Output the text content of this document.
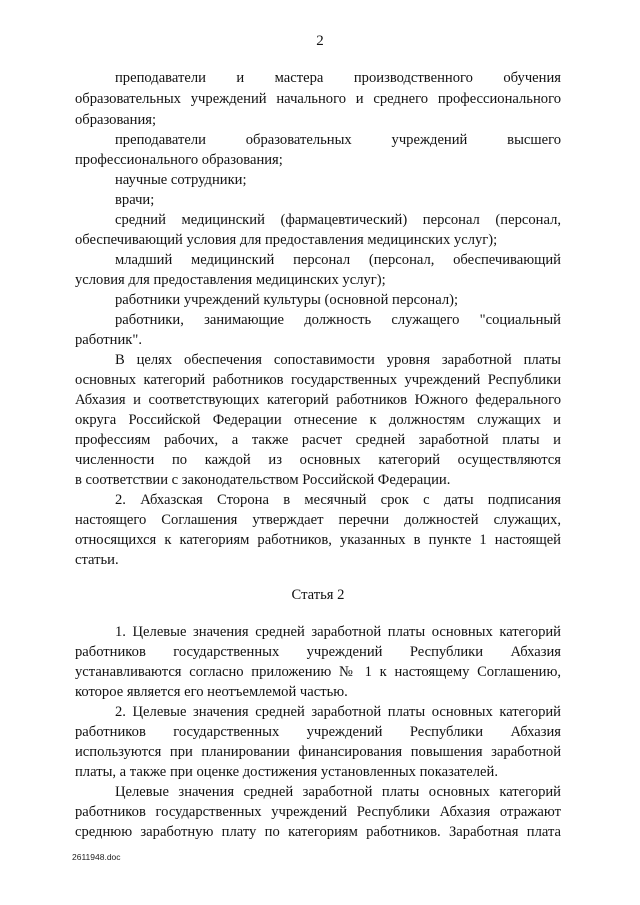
2
преподаватели и мастера производственного обучения
образовательных учреждений начального и среднего профессионального
образования;
преподаватели образовательных учреждений высшего
профессионального образования;
научные сотрудники;
врачи;
средний медицинский (фармацевтический) персонал (персонал,
обеспечивающий условия для предоставления медицинских услуг);
младший медицинский персонал (персонал, обеспечивающий
условия для предоставления медицинских услуг);
работники учреждений культуры (основной персонал);
работники, занимающие должность служащего "социальный
работник".
В целях обеспечения сопоставимости уровня заработной платы
основных категорий работников государственных учреждений Республики
Абхазия и соответствующих категорий работников Южного федерального
округа Российской Федерации отнесение к должностям служащих и
профессиям рабочих, а также расчет средней заработной платы и
численности по каждой из основных категорий осуществляются
в соответствии с законодательством Российской Федерации.
2. Абхазская Сторона в месячный срок с даты подписания
настоящего Соглашения утверждает перечни должностей служащих,
относящихся к категориям работников, указанных в пункте 1 настоящей
статьи.
Статья 2
1. Целевые значения средней заработной платы основных категорий
работников государственных учреждений Республики Абхазия
устанавливаются согласно приложению № 1 к настоящему Соглашению,
которое является его неотъемлемой частью.
2. Целевые значения средней заработной платы основных категорий
работников государственных учреждений Республики Абхазия
используются при планировании финансирования повышения заработной
платы, а также при оценке достижения установленных показателей.
Целевые значения средней заработной платы основных категорий
работников государственных учреждений Республики Абхазия отражают
среднюю заработную плату по категориям работников. Заработная плата
2611948.doc
